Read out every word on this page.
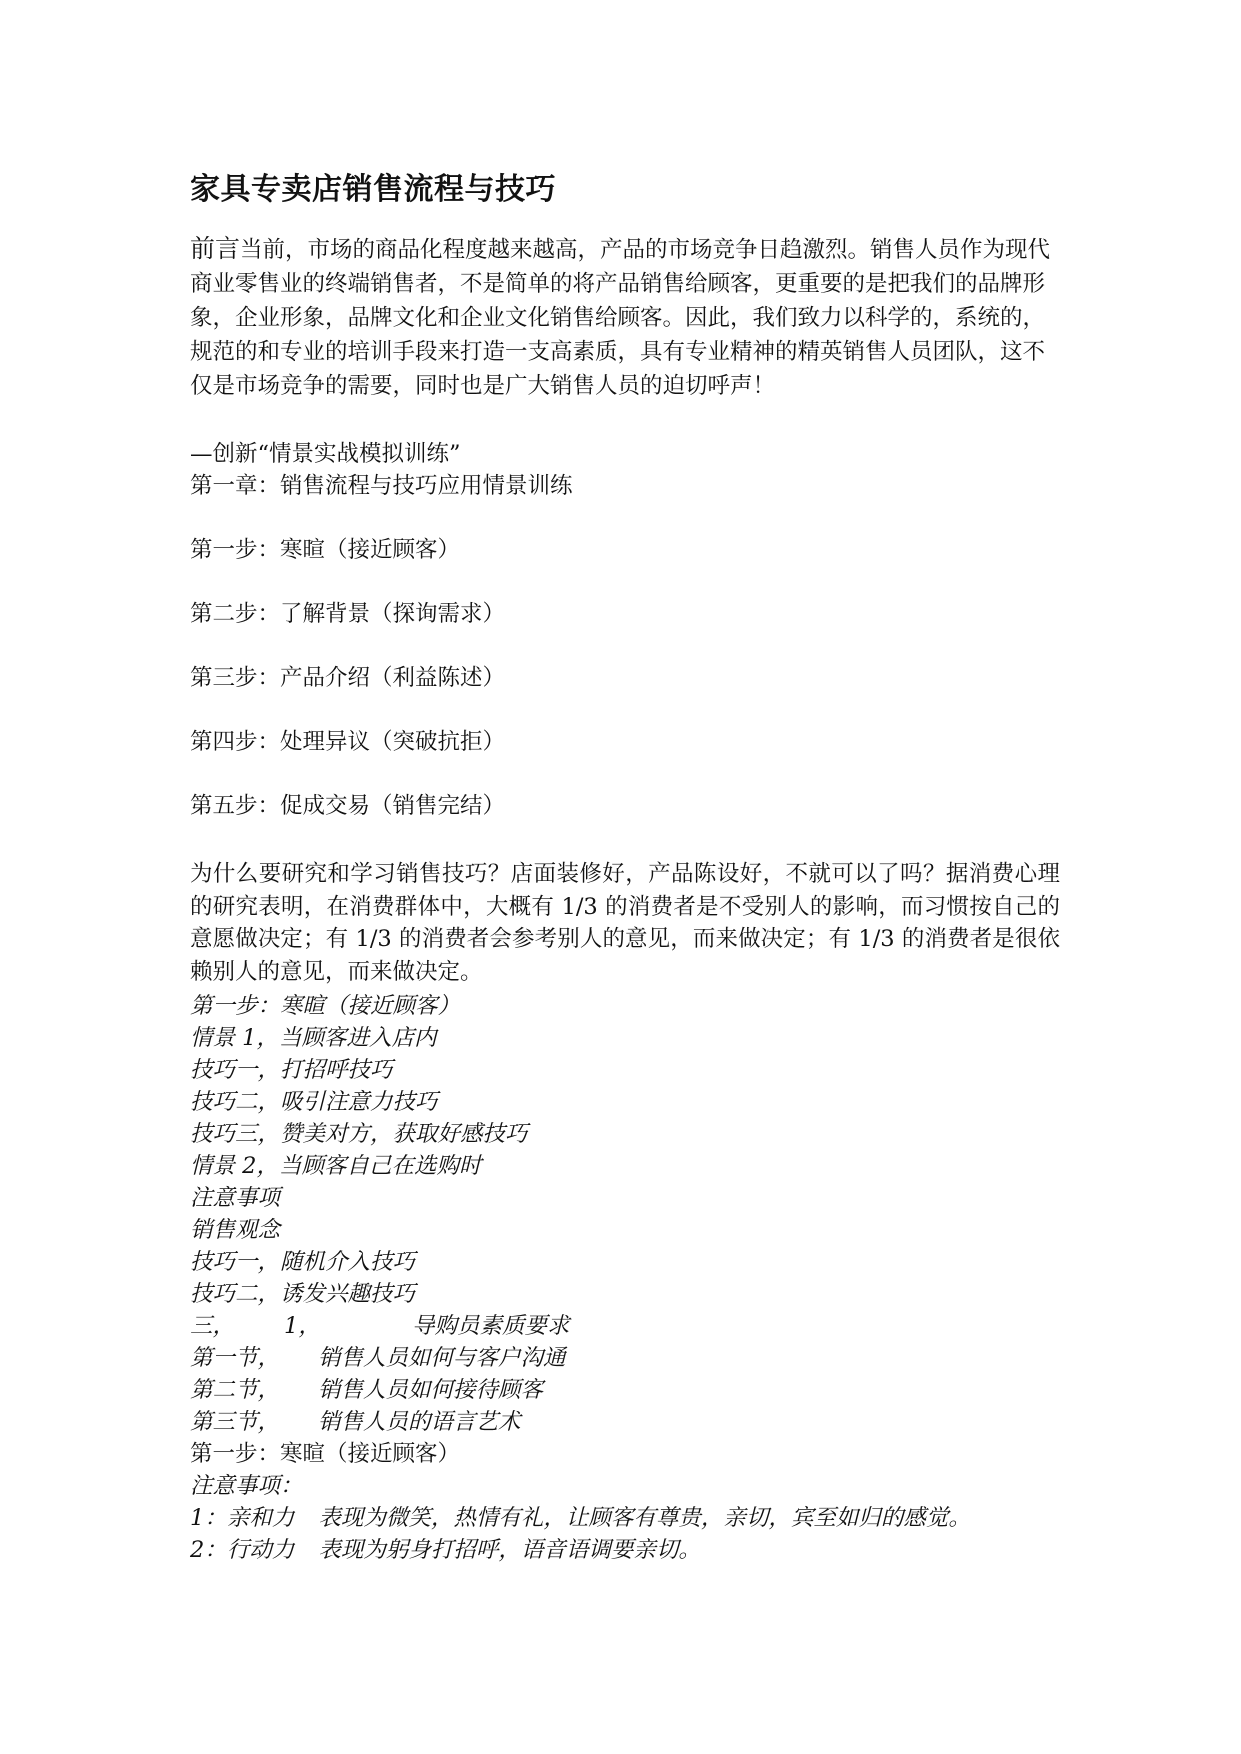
家具专卖店销售流程与技巧

前言当前，市场的商品化程度越来越高，产品的市场竞争日趋激烈。销售人员作为现代商业零售业的终端销售者，不是简单的将产品销售给顾客，更重要的是把我们的品牌形象，企业形象，品牌文化和企业文化销售给顾客。因此，我们致力以科学的，系统的，规范的和专业的培训手段来打造一支高素质，具有专业精神的精英销售人员团队，这不仅是市场竞争的需要，同时也是广大销售人员的迫切呼声！

—创新“情景实战模拟训练”

第一章：销售流程与技巧应用情景训练

第一步：寒暄（接近顾客）

第二步：了解背景（探询需求）

第三步：产品介绍（利益陈述）

第四步：处理异议（突破抗拒）

第五步：促成交易（销售完结）

为什么要研究和学习销售技巧？店面装修好，产品陈设好，不就可以了吗？据消费心理的研究表明，在消费群体中，大概有 1/3 的消费者是不受别人的影响，而习惯按自己的意愿做决定；有 1/3 的消费者会参考别人的意见，而来做决定；有 1/3 的消费者是很依赖别人的意见，而来做决定。

第一步：寒暄（接近顾客）

情景 1，当顾客进入店内

技巧一，打招呼技巧

技巧二，吸引注意力技巧

技巧三，赞美对方，获取好感技巧

情景 2，当顾客自己在选购时

注意事项

销售观念

技巧一，随机介入技巧

技巧二，诱发兴趣技巧

三， 1，	导购员素质要求

第一节， 销售人员如何与客户沟通

第二节， 销售人员如何接待顾客

第三节， 销售人员的语言艺术

第一步：寒暄（接近顾客）

注意事项：

1：亲和力 表现为微笑，热情有礼，让顾客有尊贵，亲切，宾至如归的感觉。

2：行动力 表现为躬身打招呼，语音语调要亲切。
